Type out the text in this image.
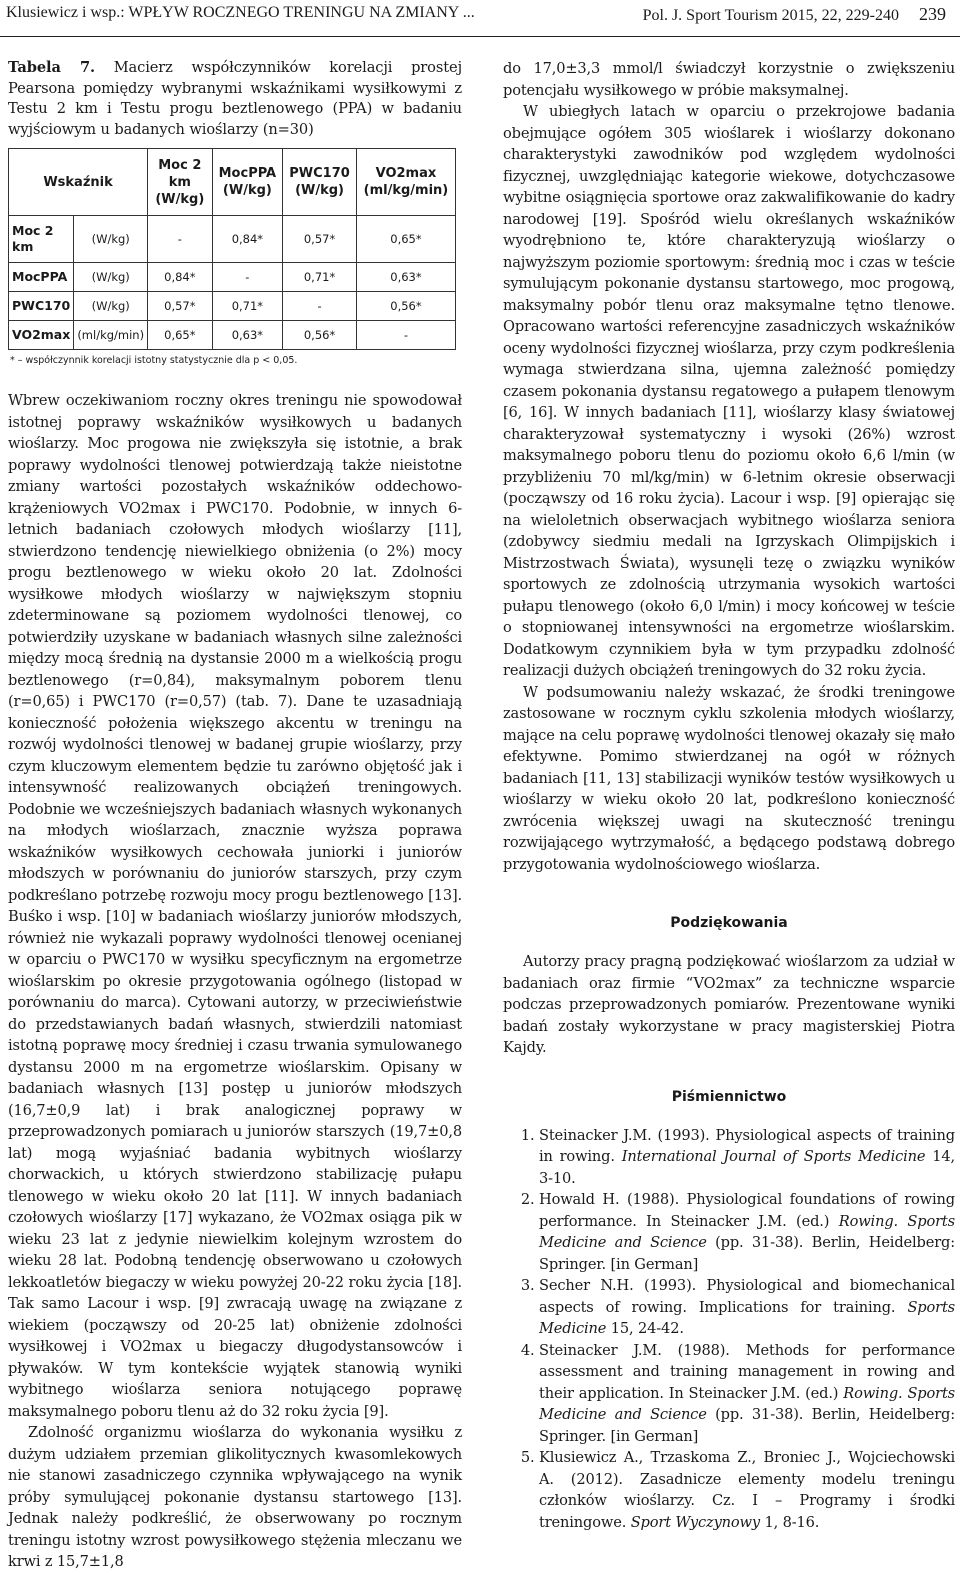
Klusiewicz i wsp.: WPŁYW ROCZNEGO TRENINGU NA ZMIANY ...	Pol. J. Sport Tourism 2015, 22, 229-240 239

Tabela 7. Macierz współczynników korelacji prostej Pearsona pomiędzy wybranymi wskaźnikami wysiłkowymi z Testu 2 km i Testu progu beztlenowego (PPA) w badaniu wyjściowym u badanych wioślarzy (n=30)

Wskaźnik		Moc 2 km (W/kg)	MocPPA (W/kg)	PWC170 (W/kg)	VO2max (ml/kg/min)
Moc 2 km	(W/kg)	-	0,84*	0,57*	0,65*
MocPPA	(W/kg)	0,84*	-	0,71*	0,63*
PWC170	(W/kg)	0,57*	0,71*	-	0,56*
VO2max	(ml/kg/min)	0,65*	0,63*	0,56*	-
* – współczynnik korelacji istotny statystycznie dla p < 0,05.

Wbrew oczekiwaniom roczny okres treningu nie spowodował istotnej poprawy wskaźników wysiłkowych u badanych wioślarzy. Moc progowa nie zwiększyła się istotnie, a brak poprawy wydolności tlenowej potwierdzają także nieistotne zmiany wartości pozostałych wskaźników oddechowo-krążeniowych VO2max i PWC170. Podobnie, w innych 6-letnich badaniach czołowych młodych wioślarzy [11], stwierdzono tendencję niewielkiego obniżenia (o 2%) mocy progu beztlenowego w wieku około 20 lat. Zdolności wysiłkowe młodych wioślarzy w największym stopniu zdeterminowane są poziomem wydolności tlenowej, co potwierdziły uzyskane w badaniach własnych silne zależności między mocą średnią na dystansie 2000 m a wielkością progu beztlenowego (r=0,84), maksymalnym poborem tlenu (r=0,65) i PWC170 (r=0,57) (tab. 7). Dane te uzasadniają konieczność położenia większego akcentu w treningu na rozwój wydolności tlenowej w badanej grupie wioślarzy, przy czym kluczowym elementem będzie tu zarówno objętość jak i intensywność realizowanych obciążeń treningowych. Podobnie we wcześniejszych badaniach własnych wykonanych na młodych wioślarzach, znacznie wyższa poprawa wskaźników wysiłkowych cechowała juniorki i juniorów młodszych w porównaniu do juniorów starszych, przy czym podkreślano potrzebę rozwoju mocy progu beztlenowego [13]. Buśko i wsp. [10] w badaniach wioślarzy juniorów młodszych, również nie wykazali poprawy wydolności tlenowej ocenianej w oparciu o PWC170 w wysiłku specyficznym na ergometrze wioślarskim po okresie przygotowania ogólnego (listopad w porównaniu do marca). Cytowani autorzy, w przeciwieństwie do przedstawianych badań własnych, stwierdzili natomiast istotną poprawę mocy średniej i czasu trwania symulowanego dystansu 2000 m na ergometrze wioślarskim. Opisany w badaniach własnych [13] postęp u juniorów młodszych (16,7±0,9 lat) i brak analogicznej poprawy w przeprowadzonych pomiarach u juniorów starszych (19,7±0,8 lat) mogą wyjaśniać badania wybitnych wioślarzy chorwackich, u których stwierdzono stabilizację pułapu tlenowego w wieku około 20 lat [11]. W innych badaniach czołowych wioślarzy [17] wykazano, że VO2max osiąga pik w wieku 23 lat z jedynie niewielkim kolejnym wzrostem do wieku 28 lat. Podobną tendencję obserwowano u czołowych lekkoatletów biegaczy w wieku powyżej 20-22 roku życia [18]. Tak samo Lacour i wsp. [9] zwracają uwagę na związane z wiekiem (począwszy od 20-25 lat) obniżenie zdolności wysiłkowej i VO2max u biegaczy długodystansowców i pływaków. W tym kontekście wyjątek stanowią wyniki wybitnego wioślarza seniora notującego poprawę maksymalnego poboru tlenu aż do 32 roku życia [9].

Zdolność organizmu wioślarza do wykonania wysiłku z dużym udziałem przemian glikolitycznych kwasomlekowych nie stanowi zasadniczego czynnika wpływającego na wynik próby symulującej pokonanie dystansu startowego [13]. Jednak należy podkreślić, że obserwowany po rocznym treningu istotny wzrost powysiłkowego stężenia mleczanu we krwi z 15,7±1,8

do 17,0±3,3 mmol/l świadczył korzystnie o zwiększeniu potencjału wysiłkowego w próbie maksymalnej.

W ubiegłych latach w oparciu o przekrojowe badania obejmujące ogółem 305 wioślarek i wioślarzy dokonano charakterystyki zawodników pod względem wydolności fizycznej, uwzględniając kategorie wiekowe, dotychczasowe wybitne osiągnięcia sportowe oraz zakwalifikowanie do kadry narodowej [19]. Spośród wielu określanych wskaźników wyodrębniono te, które charakteryzują wioślarzy o najwyższym poziomie sportowym: średnią moc i czas w teście symulującym pokonanie dystansu startowego, moc progową, maksymalny pobór tlenu oraz maksymalne tętno tlenowe. Opracowano wartości referencyjne zasadniczych wskaźników oceny wydolności fizycznej wioślarza, przy czym podkreślenia wymaga stwierdzana silna, ujemna zależność pomiędzy czasem pokonania dystansu regatowego a pułapem tlenowym [6, 16]. W innych badaniach [11], wioślarzy klasy światowej charakteryzował systematyczny i wysoki (26%) wzrost maksymalnego poboru tlenu do poziomu około 6,6 l/min (w przybliżeniu 70 ml/kg/min) w 6-letnim okresie obserwacji (począwszy od 16 roku życia). Lacour i wsp. [9] opierając się na wieloletnich obserwacjach wybitnego wioślarza seniora (zdobywcy siedmiu medali na Igrzyskach Olimpijskich i Mistrzostwach Świata), wysunęli tezę o związku wyników sportowych ze zdolnością utrzymania wysokich wartości pułapu tlenowego (około 6,0 l/min) i mocy końcowej w teście o stopniowanej intensywności na ergometrze wioślarskim. Dodatkowym czynnikiem była w tym przypadku zdolność realizacji dużych obciążeń treningowych do 32 roku życia.

W podsumowaniu należy wskazać, że środki treningowe zastosowane w rocznym cyklu szkolenia młodych wioślarzy, mające na celu poprawę wydolności tlenowej okazały się mało efektywne. Pomimo stwierdzanej na ogół w różnych badaniach [11, 13] stabilizacji wyników testów wysiłkowych u wioślarzy w wieku około 20 lat, podkreślono konieczność zwrócenia większej uwagi na skuteczność treningu rozwijającego wytrzymałość, a będącego podstawą dobrego przygotowania wydolnościowego wioślarza.

Podziękowania

Autorzy pracy pragną podziękować wioślarzom za udział w badaniach oraz firmie “VO2max” za techniczne wsparcie podczas przeprowadzonych pomiarów. Prezentowane wyniki badań zostały wykorzystane w pracy magisterskiej Piotra Kajdy.

Piśmiennictwo
1. Steinacker J.M. (1993). Physiological aspects of training in rowing. International Journal of Sports Medicine 14, 3-10.
2. Howald H. (1988). Physiological foundations of rowing performance. In Steinacker J.M. (ed.) Rowing. Sports Medicine and Science (pp. 31-38). Berlin, Heidelberg: Springer. [in German]
3. Secher N.H. (1993). Physiological and biomechanical aspects of rowing. Implications for training. Sports Medicine 15, 24-42.
4. Steinacker J.M. (1988). Methods for performance assessment and training management in rowing and their application. In Steinacker J.M. (ed.) Rowing. Sports Medicine and Science (pp. 31-38). Berlin, Heidelberg: Springer. [in German]
5. Klusiewicz A., Trzaskoma Z., Broniec J., Wojciechowski A. (2012). Zasadnicze elementy modelu treningu członków wioślarzy. Cz. I – Programy i środki treningowe. Sport Wyczynowy 1, 8-16.
